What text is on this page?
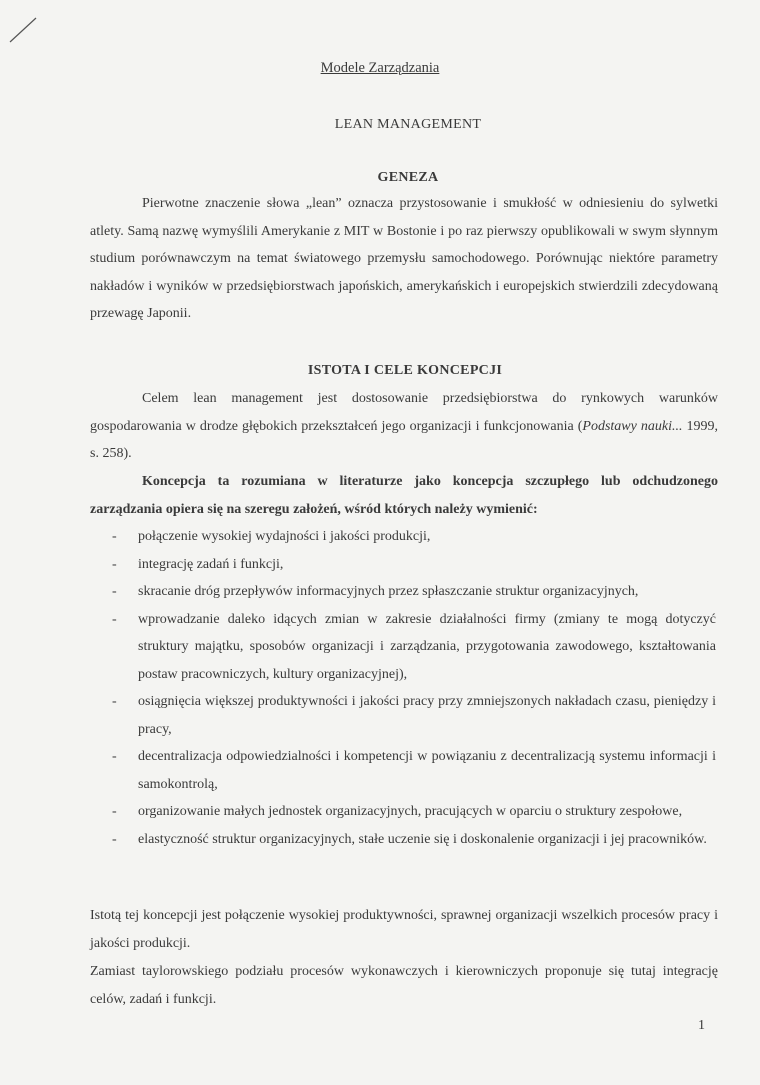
Modele Zarządzania
LEAN MANAGEMENT
GENEZA

Pierwotne znaczenie słowa „lean” oznacza przystosowanie i smukłość w odniesieniu do sylwetki atlety. Samą nazwę wymyślili Amerykanie z MIT w Bostonie i po raz pierwszy opublikowali w swym słynnym studium porównawczym na temat światowego przemysłu samochodowego. Porównując niektóre parametry nakładów i wyników w przedsiębiorstwach japońskich, amerykańskich i europejskich stwierdzili zdecydowaną przewagę Japonii.

ISTOTA I CELE KONCEPCJI

Celem lean management jest dostosowanie przedsiębiorstwa do rynkowych warunków gospodarowania w drodze głębokich przekształceń jego organizacji i funkcjonowania (Podstawy nauki... 1999, s. 258).

Koncepcja ta rozumiana w literaturze jako koncepcja szczupłego lub odchudzonego zarządzania opiera się na szeregu założeń, wśród których należy wymienić:

- połączenie wysokiej wydajności i jakości produkcji,
- integrację zadań i funkcji,
- skracanie dróg przepływów informacyjnych przez spłaszczanie struktur organizacyjnych,
- wprowadzanie daleko idących zmian w zakresie działalności firmy (zmiany te mogą dotyczyć struktury majątku, sposobów organizacji i zarządzania, przygotowania zawodowego, kształtowania postaw pracowniczych, kultury organizacyjnej),
- osiągnięcia większej produktywności i jakości pracy przy zmniejszonych nakładach czasu, pieniędzy i pracy,
- decentralizacja odpowiedzialności i kompetencji w powiązaniu z decentralizacją systemu informacji i samokontrolą,
- organizowanie małych jednostek organizacyjnych, pracujących w oparciu o struktury zespołowe,
- elastyczność struktur organizacyjnych, stałe uczenie się i doskonalenie organizacji i jej pracowników.

Istotą tej koncepcji jest połączenie wysokiej produktywności, sprawnej organizacji wszelkich procesów pracy i jakości produkcji.

Zamiast taylorowskiego podziału procesów wykonawczych i kierowniczych proponuje się tutaj integrację celów, zadań i funkcji.

1
